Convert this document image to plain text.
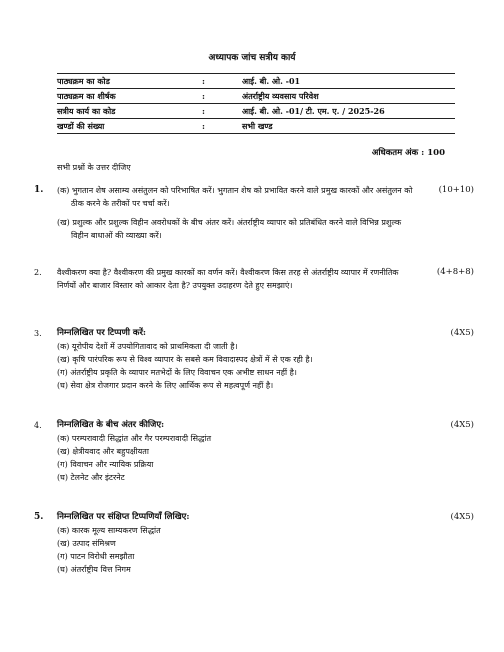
अध्यापक जांच सत्रीय कार्य
पाठ्यक्रम का कोड	:	आई. बी. ओ. -01
पाठ्यक्रम का शीर्षक	:	अंतर्राष्ट्रीय व्यवसाय परिवेश
सत्रीय कार्य का कोड	:	आई. बी. ओ. -01/ टी. एम. ए. / 2025-26
खण्डों की संख्या	:	सभी खण्ड
अधिकतम अंक : 100
सभी प्रश्नों के उत्तर दीजिए
1.	(क) भुगतान शेष असाम्य असंतुलन को परिभाषित करें। भुगतान शेष को प्रभावित करने वाले प्रमुख कारकों और असंतुलन को ठीक करने के तरीकों पर चर्चा करें।
(ख) प्रशुल्क और प्रशुल्क विहीन अवरोधकों के बीच अंतर करें। अंतर्राष्ट्रीय व्यापार को प्रतिबंधित करने वाले विभिन्न प्रशुल्क विहीन बाधाओं की व्याख्या करें।
(10+10)
2.	वैश्वीकरण क्या है? वैश्वीकरण की प्रमुख कारकों का वर्णन करें। वैश्वीकरण किस तरह से अंतर्राष्ट्रीय व्यापार में रणनीतिक निर्णयों और बाजार विस्तार को आकार देता है? उपयुक्त उदाहरण देते हुए समझाएं।
(4+8+8)
3.	निम्नलिखित पर टिप्पणी करें:
(क) यूरोपीय देशों में उपयोगितावाद को प्राथमिकता दी जाती है।
(ख) कृषि पारंपरिक रूप से विश्व व्यापार के सबसे कम विवादास्पद क्षेत्रों में से एक रही है।
(ग) अंतर्राष्ट्रीय प्रकृति के व्यापार मतभेदों के लिए विवाचन एक अभीष्ट साधन नहीं है।
(घ) सेवा क्षेत्र रोजगार प्रदान करने के लिए आर्थिक रूप से महत्वपूर्ण नहीं है।
(4X5)
4.	निम्नलिखित के बीच अंतर कीजिए:
(क) परम्परावादी सिद्धांत और गैर परम्परावादी सिद्धांत
(ख) क्षेत्रीयवाद और बहुपक्षीयता
(ग) विवाचन और न्यायिक प्रक्रिया
(घ) टेलनेट और इंटरनेट
(4X5)
5.	निम्नलिखित पर संक्षिप्त टिप्पणियाँ लिखिए:
(क) कारक मूल्य साम्यकरण सिद्धांत
(ख) उत्पाद संमिश्रण
(ग) पाटन विरोधी समझौता
(घ) अंतर्राष्ट्रीय वित्त निगम
(4X5)
